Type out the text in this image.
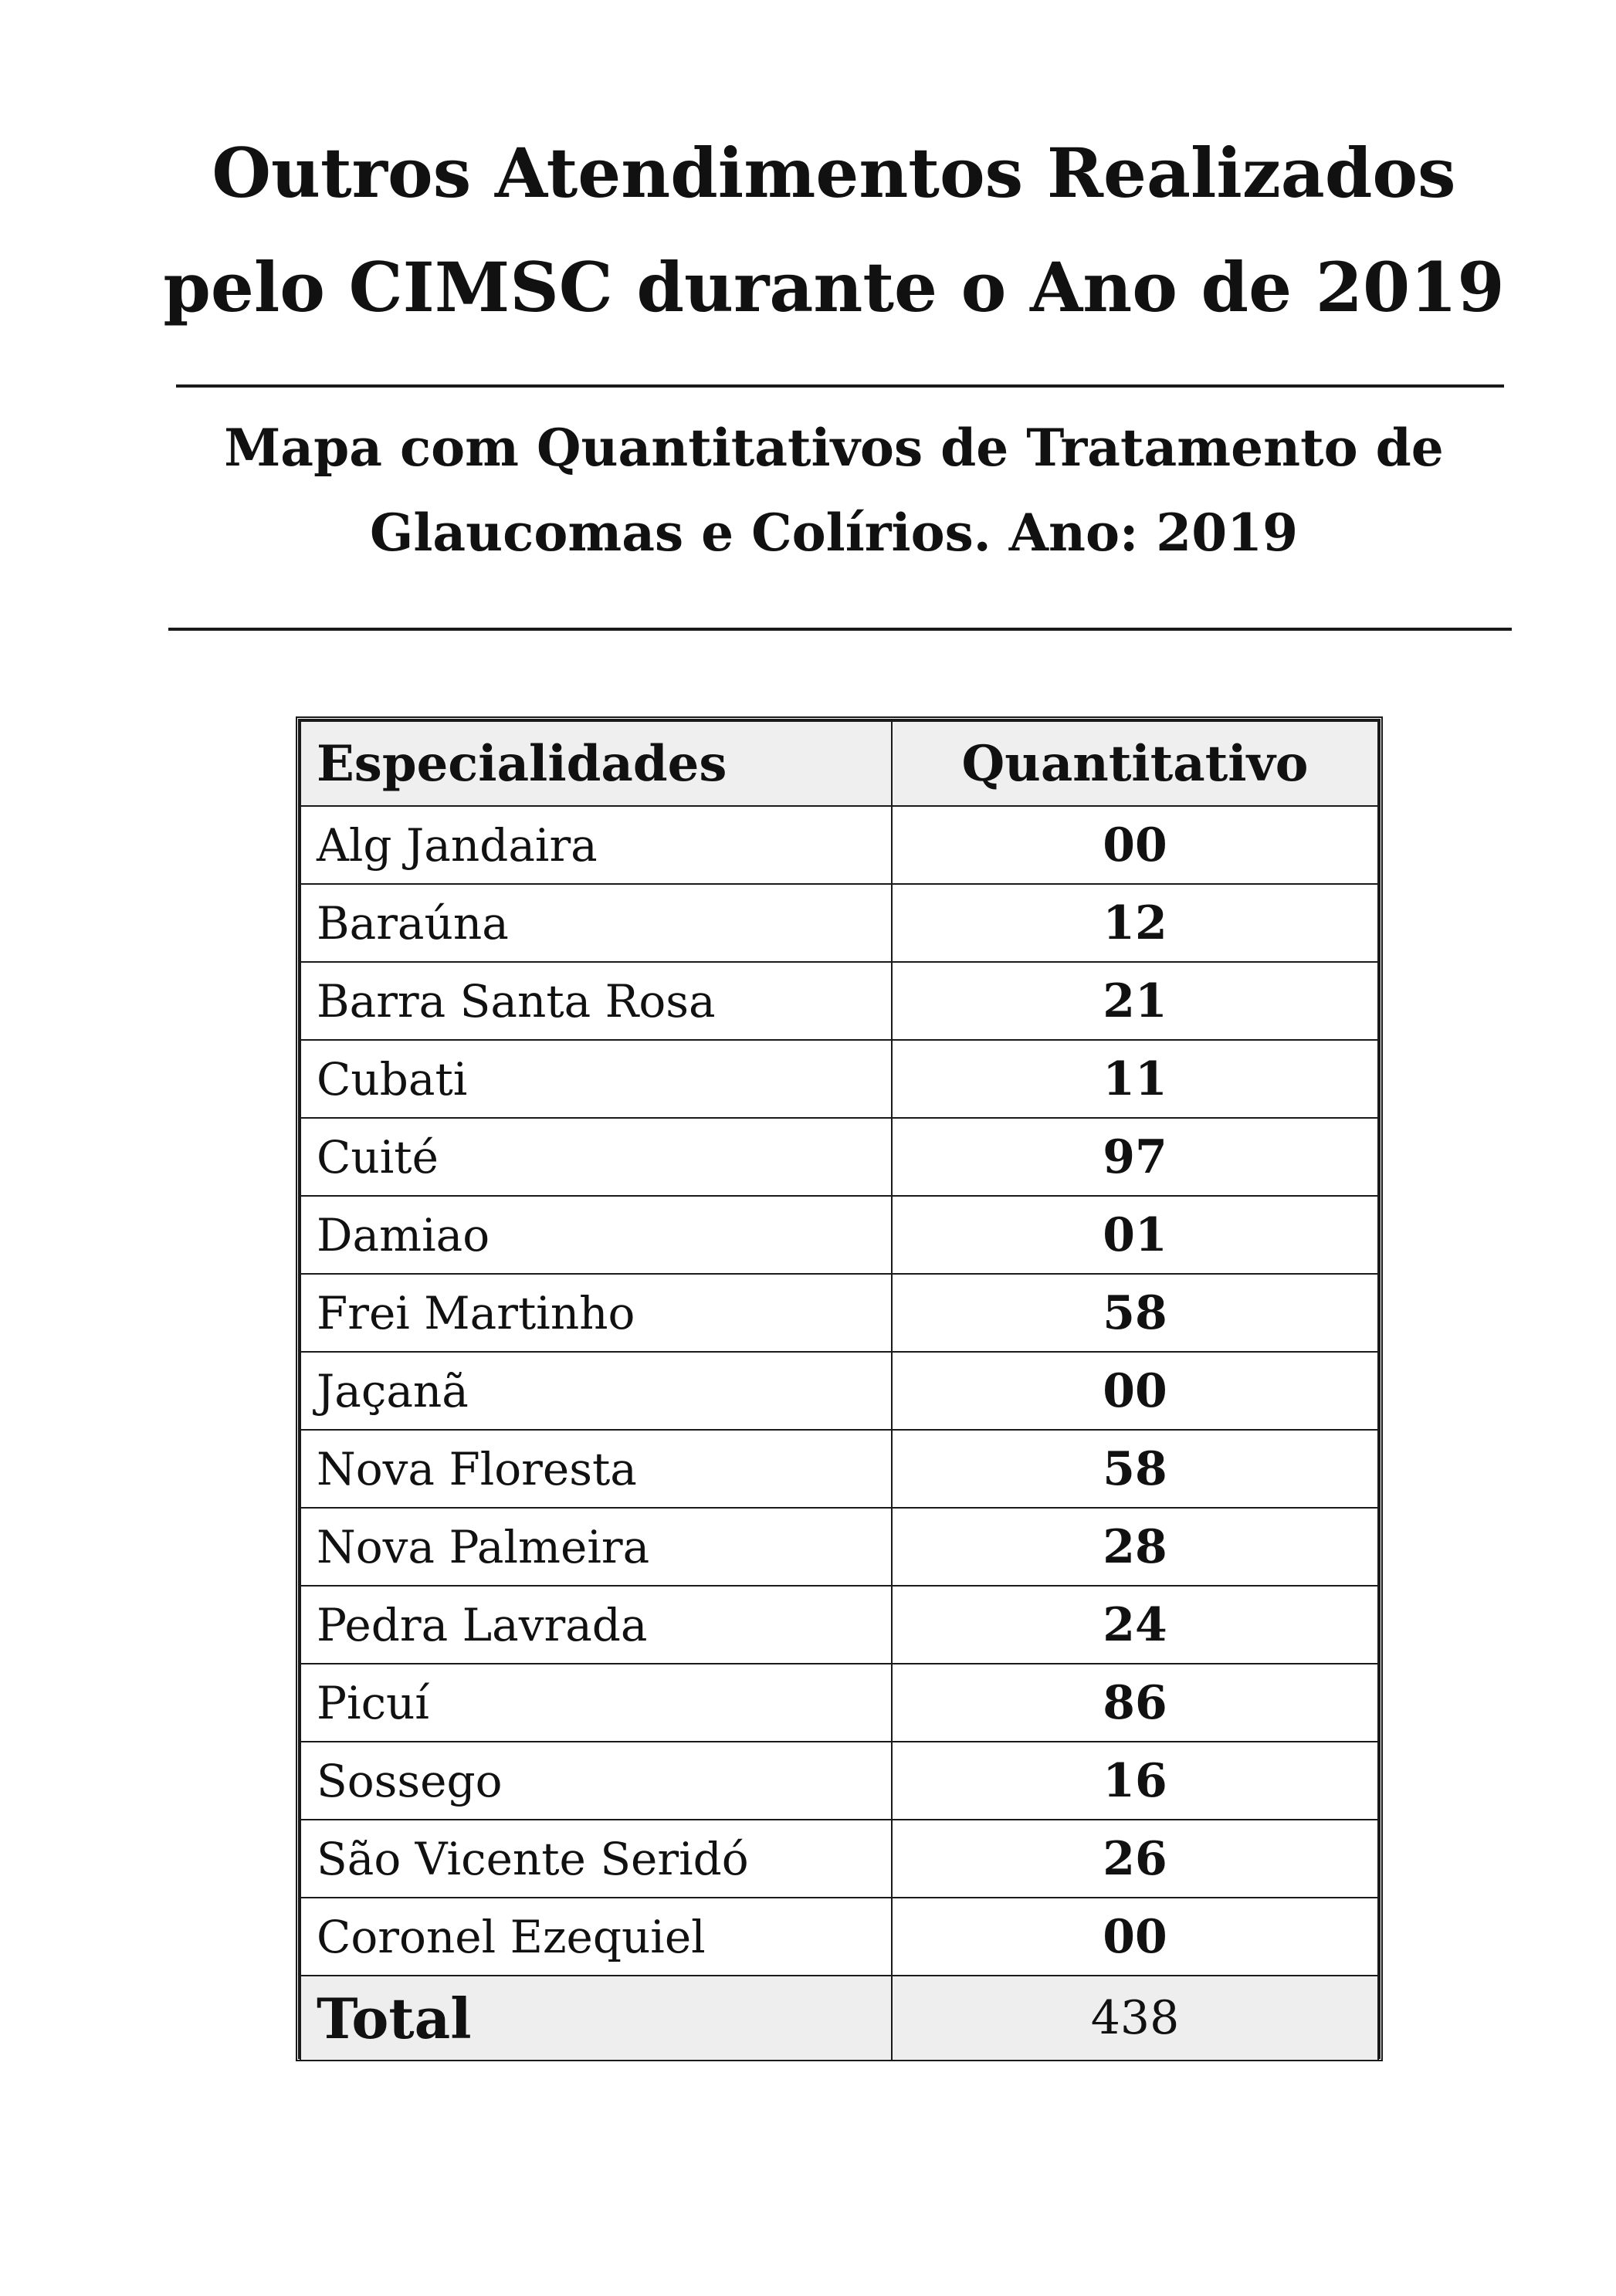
Outros Atendimentos Realizados
pelo CIMSC durante o Ano de 2019
Mapa com Quantitativos de Tratamento de
Glaucomas e Colírios. Ano: 2019
Especialidades	Quantitativo
Alg Jandaira	00
Baraúna	12
Barra Santa Rosa	21
Cubati	11
Cuité	97
Damiao	01
Frei Martinho	58
Jaçanã	00
Nova Floresta	58
Nova Palmeira	28
Pedra Lavrada	24
Picuí	86
Sossego	16
São Vicente Seridó	26
Coronel Ezequiel	00
Total	438
